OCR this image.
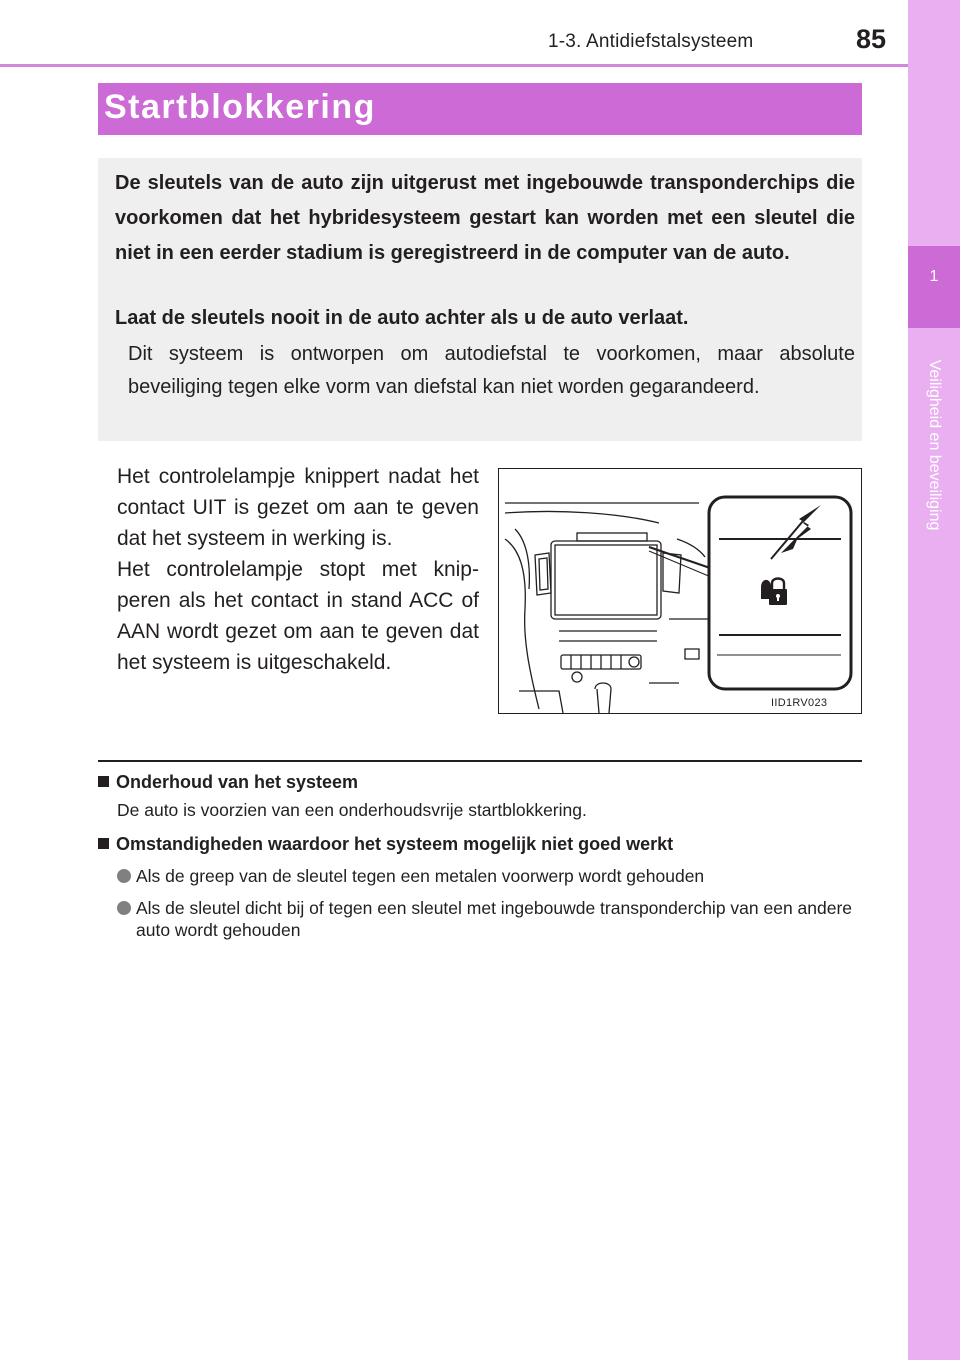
1-3. Antidiefstalsysteem	85
1
Veiligheid en beveiliging
Startblokkering
De sleutels van de auto zijn uitgerust met ingebouwde transponderchips die voorkomen dat het hybridesysteem gestart kan worden met een sleutel die niet in een eerder stadium is geregistreerd in de computer van de auto.
Laat de sleutels nooit in de auto achter als u de auto verlaat.
Dit systeem is ontworpen om autodiefstal te voorkomen, maar absolute beveiliging tegen elke vorm van diefstal kan niet worden gegarandeerd.

Het controlelampje knippert nadat het contact UIT is gezet om aan te geven dat het systeem in werking is.

Het controlelampje stopt met knipperen als het contact in stand ACC of AAN wordt gezet om aan te geven dat het systeem is uitgeschakeld.

IID1RV023
Onderhoud van het systeem
De auto is voorzien van een onderhoudsvrije startblokkering.
Omstandigheden waardoor het systeem mogelijk niet goed werkt
Als de greep van de sleutel tegen een metalen voorwerp wordt gehouden
Als de sleutel dicht bij of tegen een sleutel met ingebouwde transponderchip van een andere auto wordt gehouden
